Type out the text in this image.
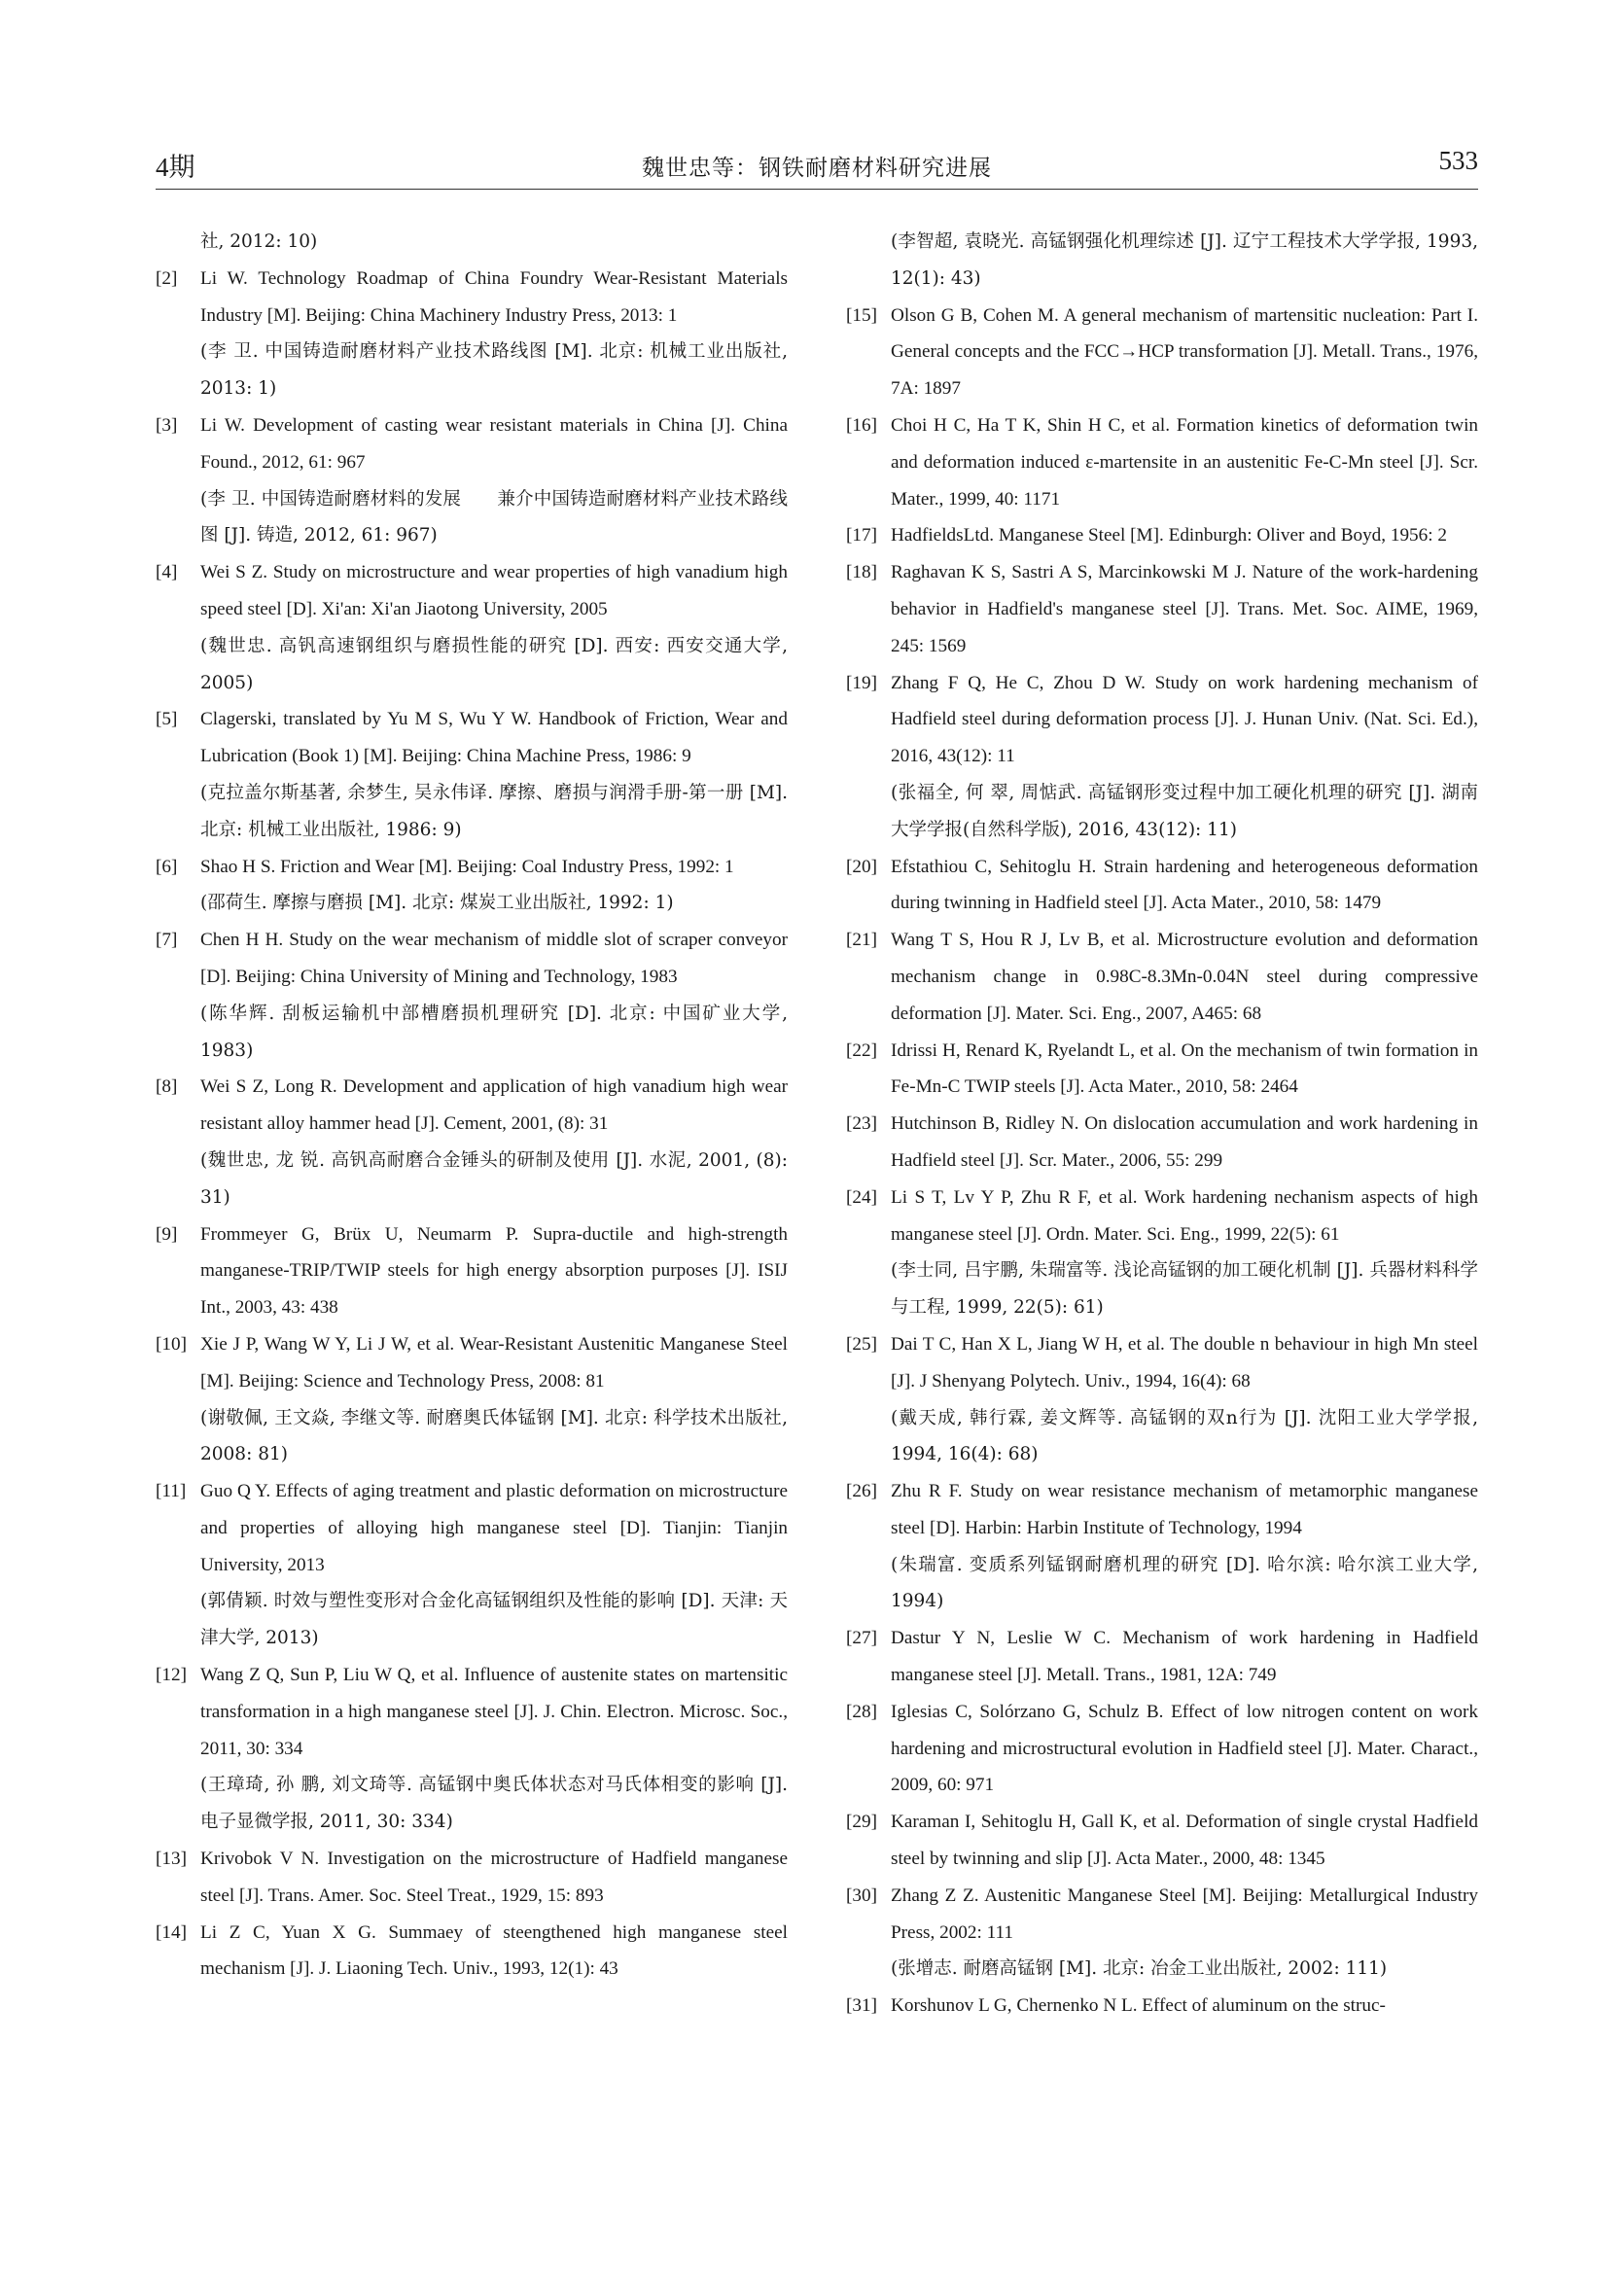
4期	魏世忠等：钢铁耐磨材料研究进展	533
社, 2012: 10)
[2] Li W. Technology Roadmap of China Foundry Wear-Resistant Materials Industry [M]. Beijing: China Machinery Industry Press, 2013: 1
(李 卫. 中国铸造耐磨材料产业技术路线图 [M]. 北京: 机械工业出版社, 2013: 1)
[3] Li W. Development of casting wear resistant materials in China [J]. China Found., 2012, 61: 967
(李 卫. 中国铸造耐磨材料的发展　　兼介中国铸造耐磨材料产业技术路线图 [J]. 铸造, 2012, 61: 967)
[4] Wei S Z. Study on microstructure and wear properties of high vanadium high speed steel [D]. Xi'an: Xi'an Jiaotong University, 2005
(魏世忠. 高钒高速钢组织与磨损性能的研究 [D]. 西安: 西安交通大学, 2005)
[5] Clagerski, translated by Yu M S, Wu Y W. Handbook of Friction, Wear and Lubrication (Book 1) [M]. Beijing: China Machine Press, 1986: 9
(克拉盖尔斯基著, 余梦生, 吴永伟译. 摩擦、磨损与润滑手册-第一册 [M]. 北京: 机械工业出版社, 1986: 9)
[6] Shao H S. Friction and Wear [M]. Beijing: Coal Industry Press, 1992: 1
(邵荷生. 摩擦与磨损 [M]. 北京: 煤炭工业出版社, 1992: 1)
[7] Chen H H. Study on the wear mechanism of middle slot of scraper conveyor [D]. Beijing: China University of Mining and Technology, 1983
(陈华辉. 刮板运输机中部槽磨损机理研究 [D]. 北京: 中国矿业大学, 1983)
[8] Wei S Z, Long R. Development and application of high vanadium high wear resistant alloy hammer head [J]. Cement, 2001, (8): 31
(魏世忠, 龙 锐. 高钒高耐磨合金锤头的研制及使用 [J]. 水泥, 2001, (8): 31)
[9] Frommeyer G, Brüx U, Neumarm P. Supra-ductile and high-strength manganese-TRIP/TWIP steels for high energy absorption purposes [J]. ISIJ Int., 2003, 43: 438
[10] Xie J P, Wang W Y, Li J W, et al. Wear-Resistant Austenitic Manganese Steel [M]. Beijing: Science and Technology Press, 2008: 81
(谢敬佩, 王文焱, 李继文等. 耐磨奥氏体锰钢 [M]. 北京: 科学技术出版社, 2008: 81)
[11] Guo Q Y. Effects of aging treatment and plastic deformation on microstructure and properties of alloying high manganese steel [D]. Tianjin: Tianjin University, 2013
(郭倩颖. 时效与塑性变形对合金化高锰钢组织及性能的影响 [D]. 天津: 天津大学, 2013)
[12] Wang Z Q, Sun P, Liu W Q, et al. Influence of austenite states on martensitic transformation in a high manganese steel [J]. J. Chin. Electron. Microsc. Soc., 2011, 30: 334
(王璋琦, 孙 鹏, 刘文琦等. 高锰钢中奥氏体状态对马氏体相变的影响 [J]. 电子显微学报, 2011, 30: 334)
[13] Krivobok V N. Investigation on the microstructure of Hadfield manganese steel [J]. Trans. Amer. Soc. Steel Treat., 1929, 15: 893
[14] Li Z C, Yuan X G. Summaey of steengthened high manganese steel mechanism [J]. J. Liaoning Tech. Univ., 1993, 12(1): 43
(李智超, 袁晓光. 高锰钢强化机理综述 [J]. 辽宁工程技术大学学报, 1993, 12(1): 43)
[15] Olson G B, Cohen M. A general mechanism of martensitic nucleation: Part I. General concepts and the FCC→HCP transformation [J]. Metall. Trans., 1976, 7A: 1897
[16] Choi H C, Ha T K, Shin H C, et al. Formation kinetics of deformation twin and deformation induced ε-martensite in an austenitic Fe-C-Mn steel [J]. Scr. Mater., 1999, 40: 1171
[17] HadfieldsLtd. Manganese Steel [M]. Edinburgh: Oliver and Boyd, 1956: 2
[18] Raghavan K S, Sastri A S, Marcinkowski M J. Nature of the work-hardening behavior in Hadfield's manganese steel [J]. Trans. Met. Soc. AIME, 1969, 245: 1569
[19] Zhang F Q, He C, Zhou D W. Study on work hardening mechanism of Hadfield steel during deformation process [J]. J. Hunan Univ. (Nat. Sci. Ed.), 2016, 43(12): 11
(张福全, 何 翠, 周惦武. 高锰钢形变过程中加工硬化机理的研究 [J]. 湖南大学学报(自然科学版), 2016, 43(12): 11)
[20] Efstathiou C, Sehitoglu H. Strain hardening and heterogeneous deformation during twinning in Hadfield steel [J]. Acta Mater., 2010, 58: 1479
[21] Wang T S, Hou R J, Lv B, et al. Microstructure evolution and deformation mechanism change in 0.98C-8.3Mn-0.04N steel during compressive deformation [J]. Mater. Sci. Eng., 2007, A465: 68
[22] Idrissi H, Renard K, Ryelandt L, et al. On the mechanism of twin formation in Fe-Mn-C TWIP steels [J]. Acta Mater., 2010, 58: 2464
[23] Hutchinson B, Ridley N. On dislocation accumulation and work hardening in Hadfield steel [J]. Scr. Mater., 2006, 55: 299
[24] Li S T, Lv Y P, Zhu R F, et al. Work hardening nechanism aspects of high manganese steel [J]. Ordn. Mater. Sci. Eng., 1999, 22(5): 61
(李士同, 吕宇鹏, 朱瑞富等. 浅论高锰钢的加工硬化机制 [J]. 兵器材料科学与工程, 1999, 22(5): 61)
[25] Dai T C, Han X L, Jiang W H, et al. The double n behaviour in high Mn steel [J]. J Shenyang Polytech. Univ., 1994, 16(4): 68
(戴天成, 韩行霖, 姜文辉等. 高锰钢的双n行为 [J]. 沈阳工业大学学报, 1994, 16(4): 68)
[26] Zhu R F. Study on wear resistance mechanism of metamorphic manganese steel [D]. Harbin: Harbin Institute of Technology, 1994
(朱瑞富. 变质系列锰钢耐磨机理的研究 [D]. 哈尔滨: 哈尔滨工业大学, 1994)
[27] Dastur Y N, Leslie W C. Mechanism of work hardening in Hadfield manganese steel [J]. Metall. Trans., 1981, 12A: 749
[28] Iglesias C, Solórzano G, Schulz B. Effect of low nitrogen content on work hardening and microstructural evolution in Hadfield steel [J]. Mater. Charact., 2009, 60: 971
[29] Karaman I, Sehitoglu H, Gall K, et al. Deformation of single crystal Hadfield steel by twinning and slip [J]. Acta Mater., 2000, 48: 1345
[30] Zhang Z Z. Austenitic Manganese Steel [M]. Beijing: Metallurgical Industry Press, 2002: 111
(张增志. 耐磨高锰钢 [M]. 北京: 冶金工业出版社, 2002: 111)
[31] Korshunov L G, Chernenko N L. Effect of aluminum on the struc-
